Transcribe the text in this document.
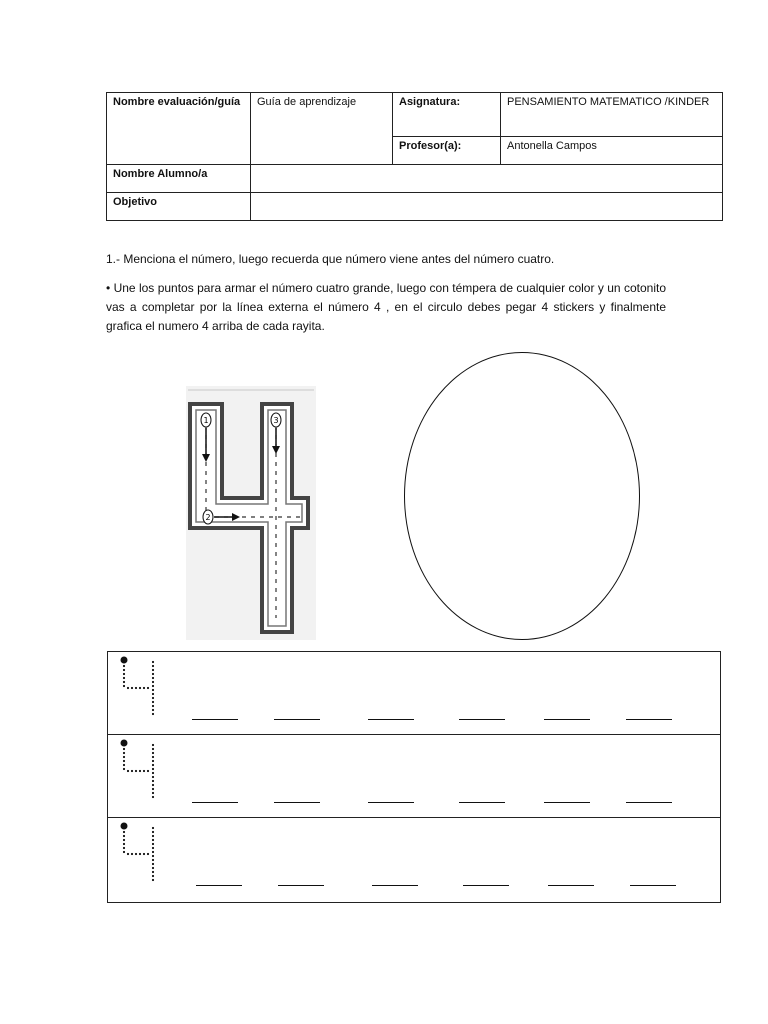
Nombre evaluación/guía	Guía de aprendizaje	Asignatura:	PENSAMIENTO MATEMATICO /KINDER
		Profesor(a):	Antonella Campos
Nombre Alumno/a			
Objetivo			
1.- Menciona el número, luego recuerda que número viene antes del número cuatro.
• Une los puntos para armar el número cuatro grande, luego con témpera de cualquier color y un cotonito vas a completar por la línea externa el número 4 , en el circulo debes pegar 4 stickers y finalmente grafica el numero 4 arriba de cada rayita.
1	3
2
